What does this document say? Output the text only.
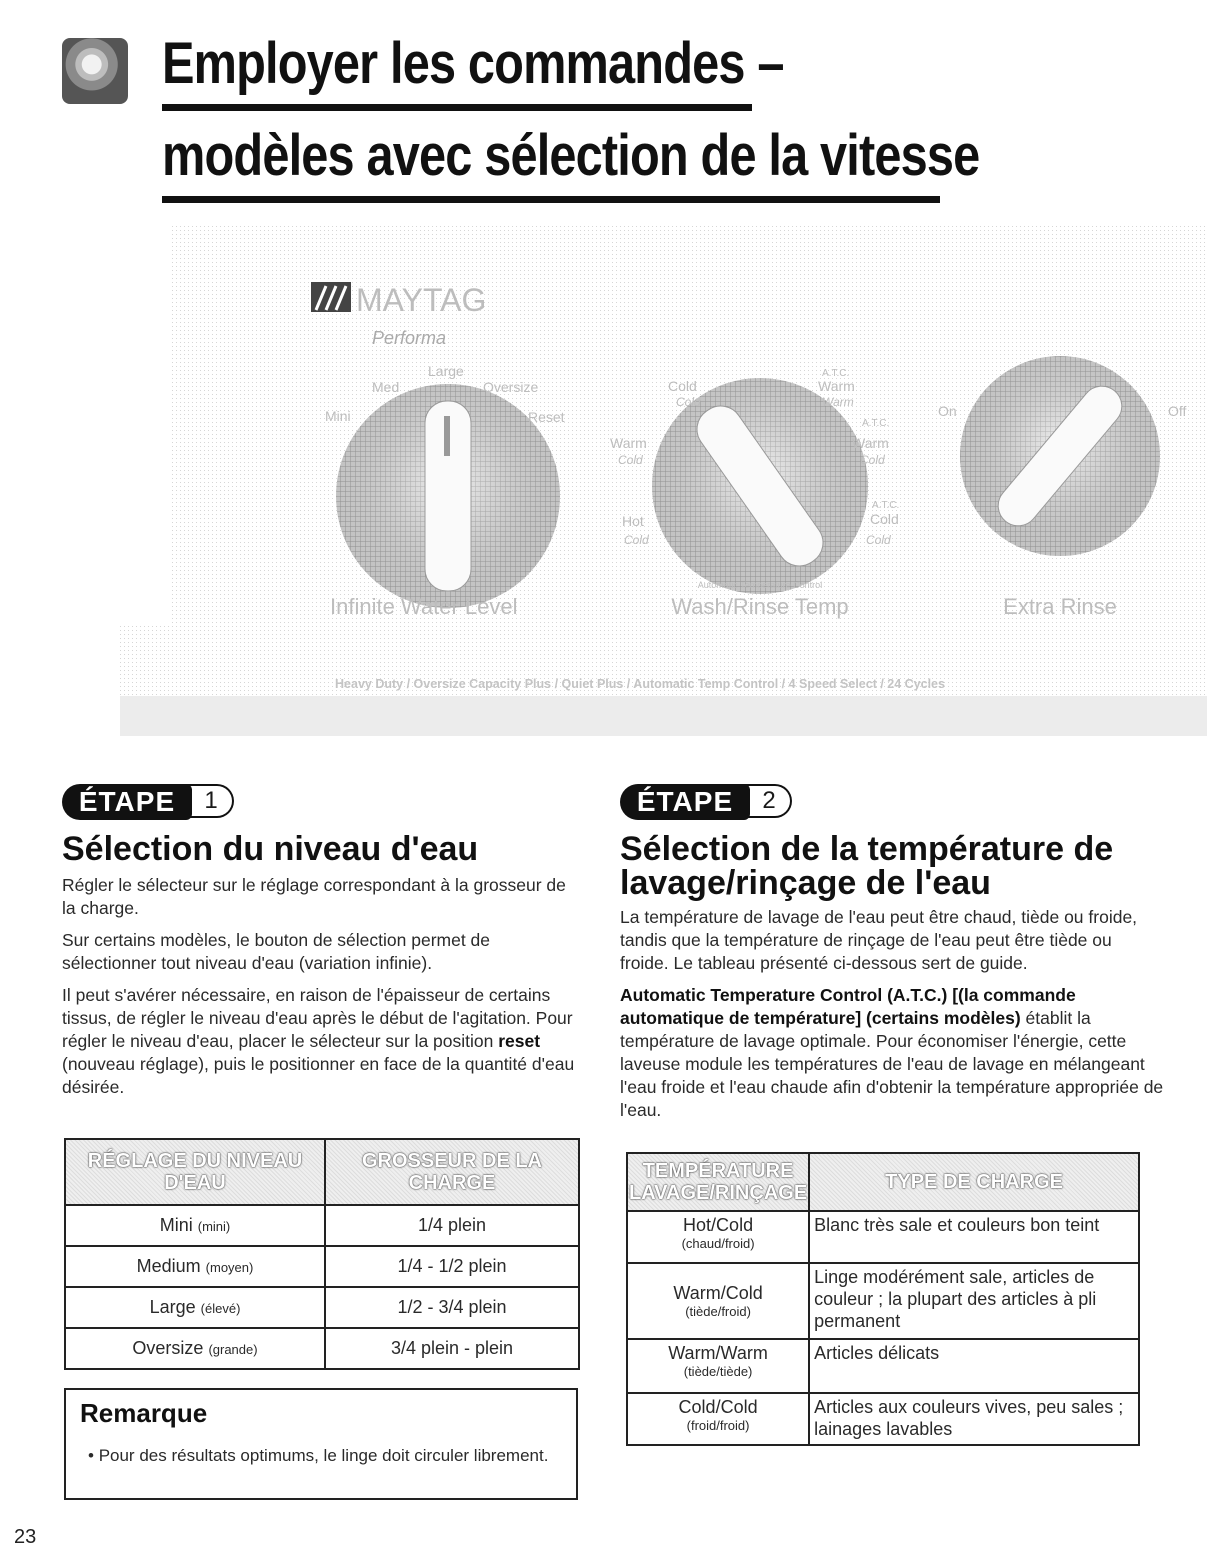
Employer les commandes –
modèles avec sélection de la vitesse
MAYTAG
Performa
Mini
Med
Large
Oversize
Reset
Infinite Water Level
Cold
Cold
A.T.C.
Warm
Warm
Warm
Cold
A.T.C.
Warm
Cold
Hot
Cold
A.T.C.
Cold
Cold
Automatic Temperature Control
Wash/Rinse Temp
On	Off
Extra Rinse
Heavy Duty / Oversize Capacity Plus / Quiet Plus / Automatic Temp Control / 4 Speed Select / 24 Cycles
ÉTAPE	1
Sélection du niveau d'eau

Régler le sélecteur sur le réglage correspondant à la grosseur de la charge.

Sur certains modèles, le bouton de sélection permet de sélectionner tout niveau d'eau (variation infinie).

Il peut s'avérer nécessaire, en raison de l'épaisseur de certains tissus, de régler le niveau d'eau après le début de l'agitation. Pour régler le niveau d'eau, placer le sélecteur sur la position reset (nouveau réglage), puis le positionner en face de la quantité d'eau désirée.

RÉGLAGE DU NIVEAU D'EAU	GROSSEUR DE LA CHARGE
Mini (mini)	1/4 plein
Medium (moyen)	1/4 - 1/2 plein
Large (élevé)	1/2 - 3/4 plein
Oversize (grande)	3/4 plein - plein
Remarque
• Pour des résultats optimums, le linge doit circuler librement.
ÉTAPE	2
Sélection de la température de lavage/rinçage de l'eau

La température de lavage de l'eau peut être chaud, tiède ou froide, tandis que la température de rinçage de l'eau peut être tiède ou froide. Le tableau présenté ci-dessous sert de guide.

Automatic Temperature Control (A.T.C.) [(la commande automatique de température] (certains modèles) établit la température de lavage optimale. Pour économiser l'énergie, cette laveuse module les températures de l'eau de lavage en mélangeant l'eau froide et l'eau chaude afin d'obtenir la température appropriée de l'eau.

TEMPÉRATURE LAVAGE/RINÇAGE	TYPE DE CHARGE
Hot/Cold
(chaud/froid)	Blanc très sale et couleurs bon teint
Warm/Cold
(tiède/froid)	Linge modérément sale, articles de couleur ; la plupart des articles à pli permanent
Warm/Warm
(tiède/tiède)	Articles délicats
Cold/Cold
(froid/froid)	Articles aux couleurs vives, peu sales ; lainages lavables
23
